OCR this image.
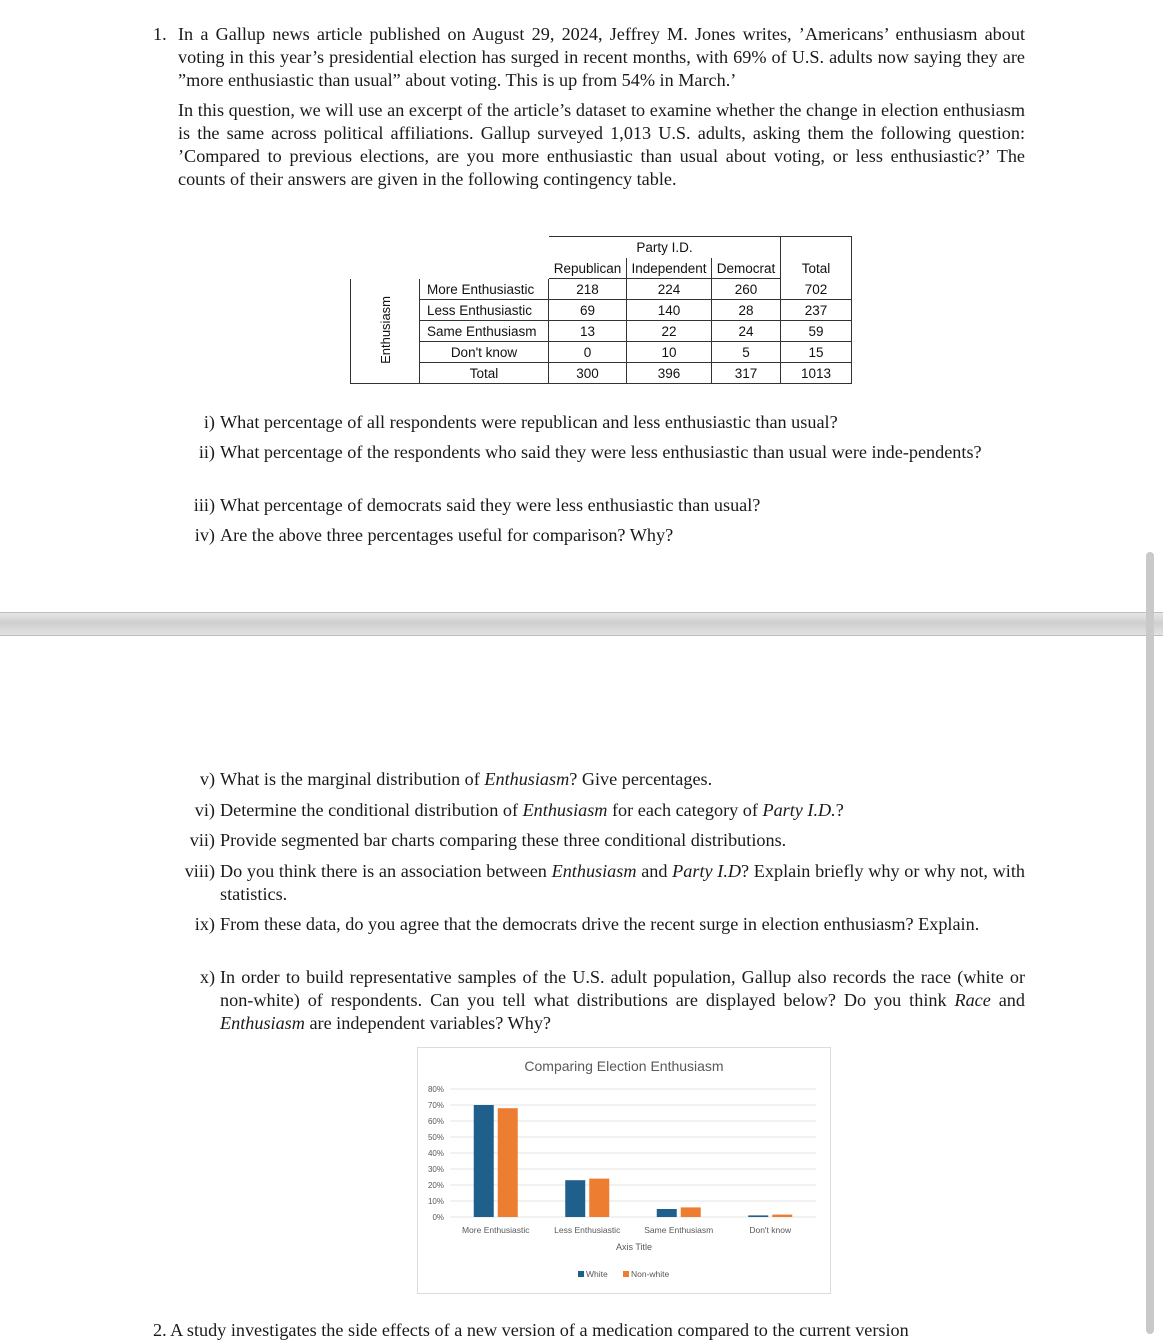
1. In a Gallup news article published on August 29, 2024, Jeffrey M. Jones writes, ’Americans’ enthusiasm about voting in this year’s presidential election has surged in recent months, with 69% of U.S. adults now saying they are ”more enthusiastic than usual” about voting. This is up from 54% in March.’
In this question, we will use an excerpt of the article’s dataset to examine whether the change in election enthusiasm is the same across political affiliations. Gallup surveyed 1,013 U.S. adults, asking them the following question: ’Compared to previous elections, are you more enthusiastic than usual about voting, or less enthusiastic?’ The counts of their answers are given in the following contingency table.
		Party I.D.			
		Republican	Independent	Democrat	Total
Enthusiasm	More Enthusiastic	218	224	260	702
	Less Enthusiastic	69	140	28	237
	Same Enthusiasm	13	22	24	59
	Don't know	0	10	5	15
	Total	300	396	317	1013
i) What percentage of all respondents were republican and less enthusiastic than usual?
ii) What percentage of the respondents who said they were less enthusiastic than usual were inde-pendents?
iii) What percentage of democrats said they were less enthusiastic than usual?
iv) Are the above three percentages useful for comparison? Why?
v) What is the marginal distribution of Enthusiasm? Give percentages.
vi) Determine the conditional distribution of Enthusiasm for each category of Party I.D.?
vii) Provide segmented bar charts comparing these three conditional distributions.
viii) Do you think there is an association between Enthusiasm and Party I.D? Explain briefly why or why not, with statistics.
ix) From these data, do you agree that the democrats drive the recent surge in election enthusiasm? Explain.
x) In order to build representative samples of the U.S. adult population, Gallup also records the race (white or non-white) of respondents. Can you tell what distributions are displayed below? Do you think Race and Enthusiasm are independent variables? Why?
Comparing Election Enthusiasm
0%
10%
20%
30%
40%
50%
60%
70%
80%
More Enthusiastic	Less Enthusiastic	Same Enthusiasm	Don't know
Axis Title
White	Non-white
2. A study investigates the side effects of a new version of a medication compared to the current version
